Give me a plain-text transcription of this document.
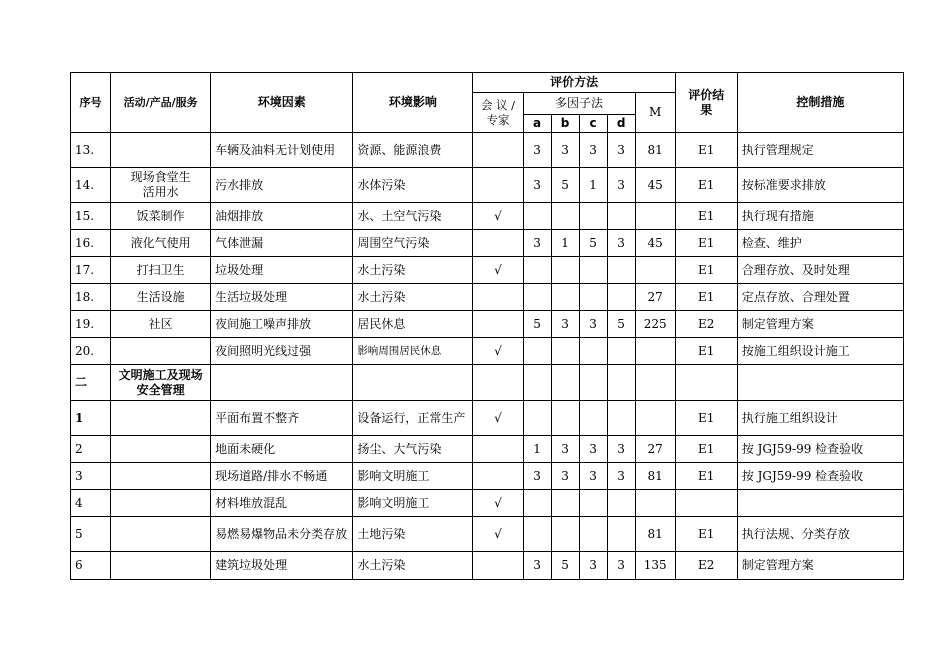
序号	活动/产品/服务	环境因素	环境影响	评价方法						评价结果	控制措施
				会 议 / 专家	多因子法				M		
					a	b	c	d			
13.		车辆及油料无计划使用	资源、能源浪费		3	3	3	3	81	E1	执行管理规定
14.	现场食堂生活用水	污水排放	水体污染		3	5	1	3	45	E1	按标准要求排放
15.	饭菜制作	油烟排放	水、土空气污染	√						E1	执行现有措施
16.	液化气使用	气体泄漏	周围空气污染		3	1	5	3	45	E1	检查、维护
17.	打扫卫生	垃圾处理	水土污染	√						E1	合理存放、及时处理
18.	生活设施	生活垃圾处理	水土污染						27	E1	定点存放、合理处置
19.	社区	夜间施工噪声排放	居民休息		5	3	3	5	225	E2	制定管理方案
20.		夜间照明光线过强	影响周围居民休息	√						E1	按施工组织设计施工
二	文明施工及现场安全管理										
1		平面布置不整齐	设备运行，正常生产	√						E1	执行施工组织设计
2		地面未硬化	扬尘、大气污染		1	3	3	3	27	E1	按 JGJ59-99 检查验收
3		现场道路/排水不畅通	影响文明施工		3	3	3	3	81	E1	按 JGJ59-99 检查验收
4		材料堆放混乱	影响文明施工	√							
5		易燃易爆物品未分类存放	土地污染	√					81	E1	执行法规、分类存放
6		建筑垃圾处理	水土污染		3	5	3	3	135	E2	制定管理方案
